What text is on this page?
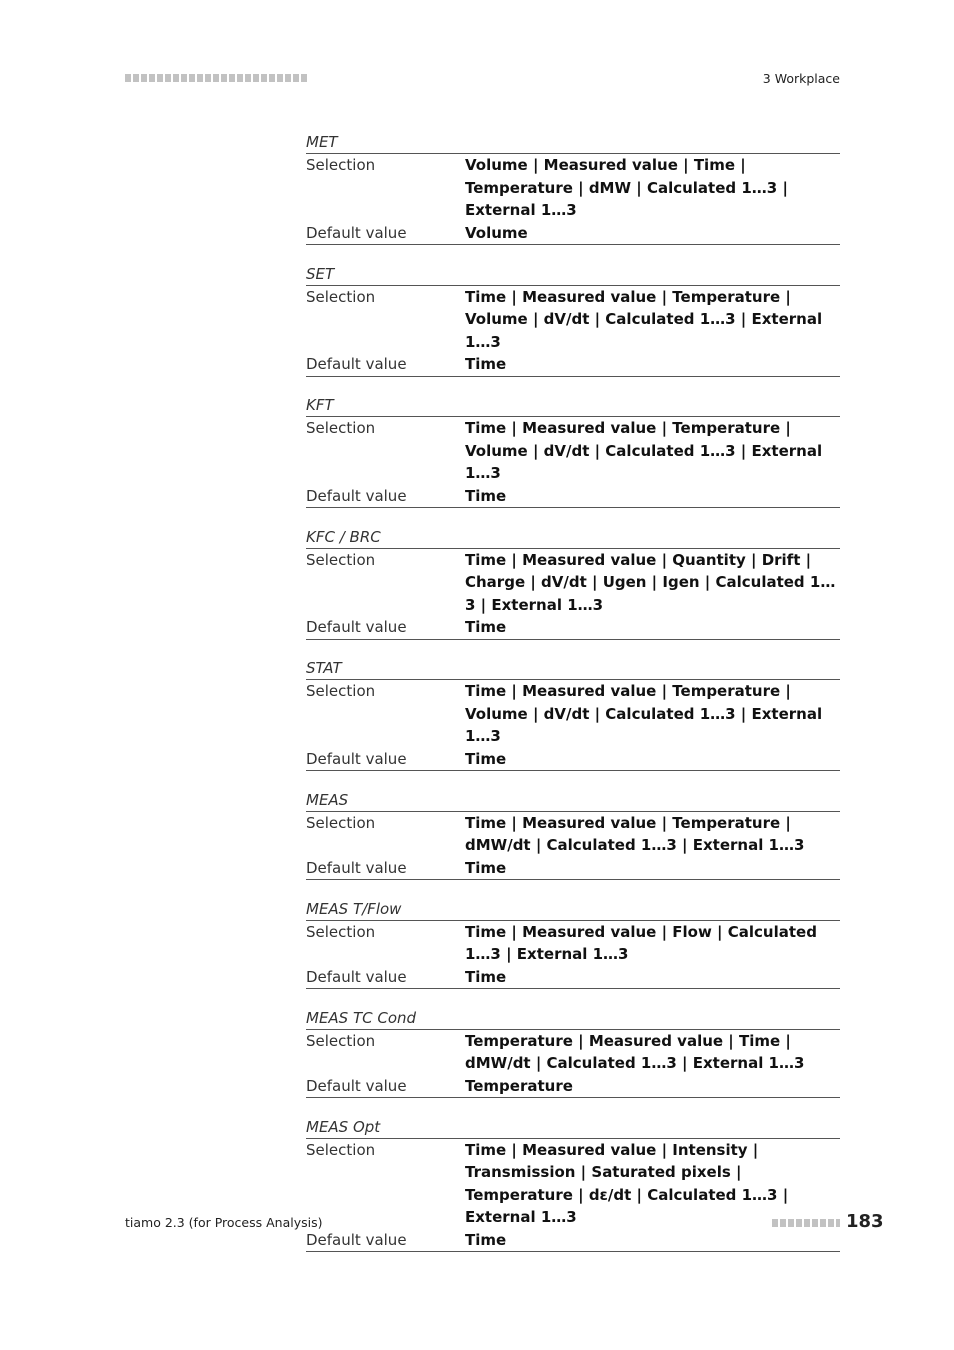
3 Workplace
MET
Selection	Volume | Measured value | Time | Temperature | dMW | Calculated 1…3 | External 1…3
Default value	Volume
SET
Selection	Time | Measured value | Temperature | Volume | dV/dt | Calculated 1…3 | External 1…3
Default value	Time
KFT
Selection	Time | Measured value | Temperature | Volume | dV/dt | Calculated 1…3 | External 1…3
Default value	Time
KFC / BRC
Selection	Time | Measured value | Quantity | Drift | Charge | dV/dt | Ugen | Igen | Calculated 1…3 | External 1…3
Default value	Time
STAT
Selection	Time | Measured value | Temperature | Volume | dV/dt | Calculated 1…3 | External 1…3
Default value	Time
MEAS
Selection	Time | Measured value | Temperature | dMW/dt | Calculated 1…3 | External 1…3
Default value	Time
MEAS T/Flow
Selection	Time | Measured value | Flow | Calculated 1…3 | External 1…3
Default value	Time
MEAS TC Cond
Selection	Temperature | Measured value | Time | dMW/dt | Calculated 1…3 | External 1…3
Default value	Temperature
MEAS Opt
Selection	Time | Measured value | Intensity | Transmission | Saturated pixels | Temperature | dε/dt | Calculated 1…3 | External 1…3
Default value	Time
tiamo 2.3 (for Process Analysis)	183
